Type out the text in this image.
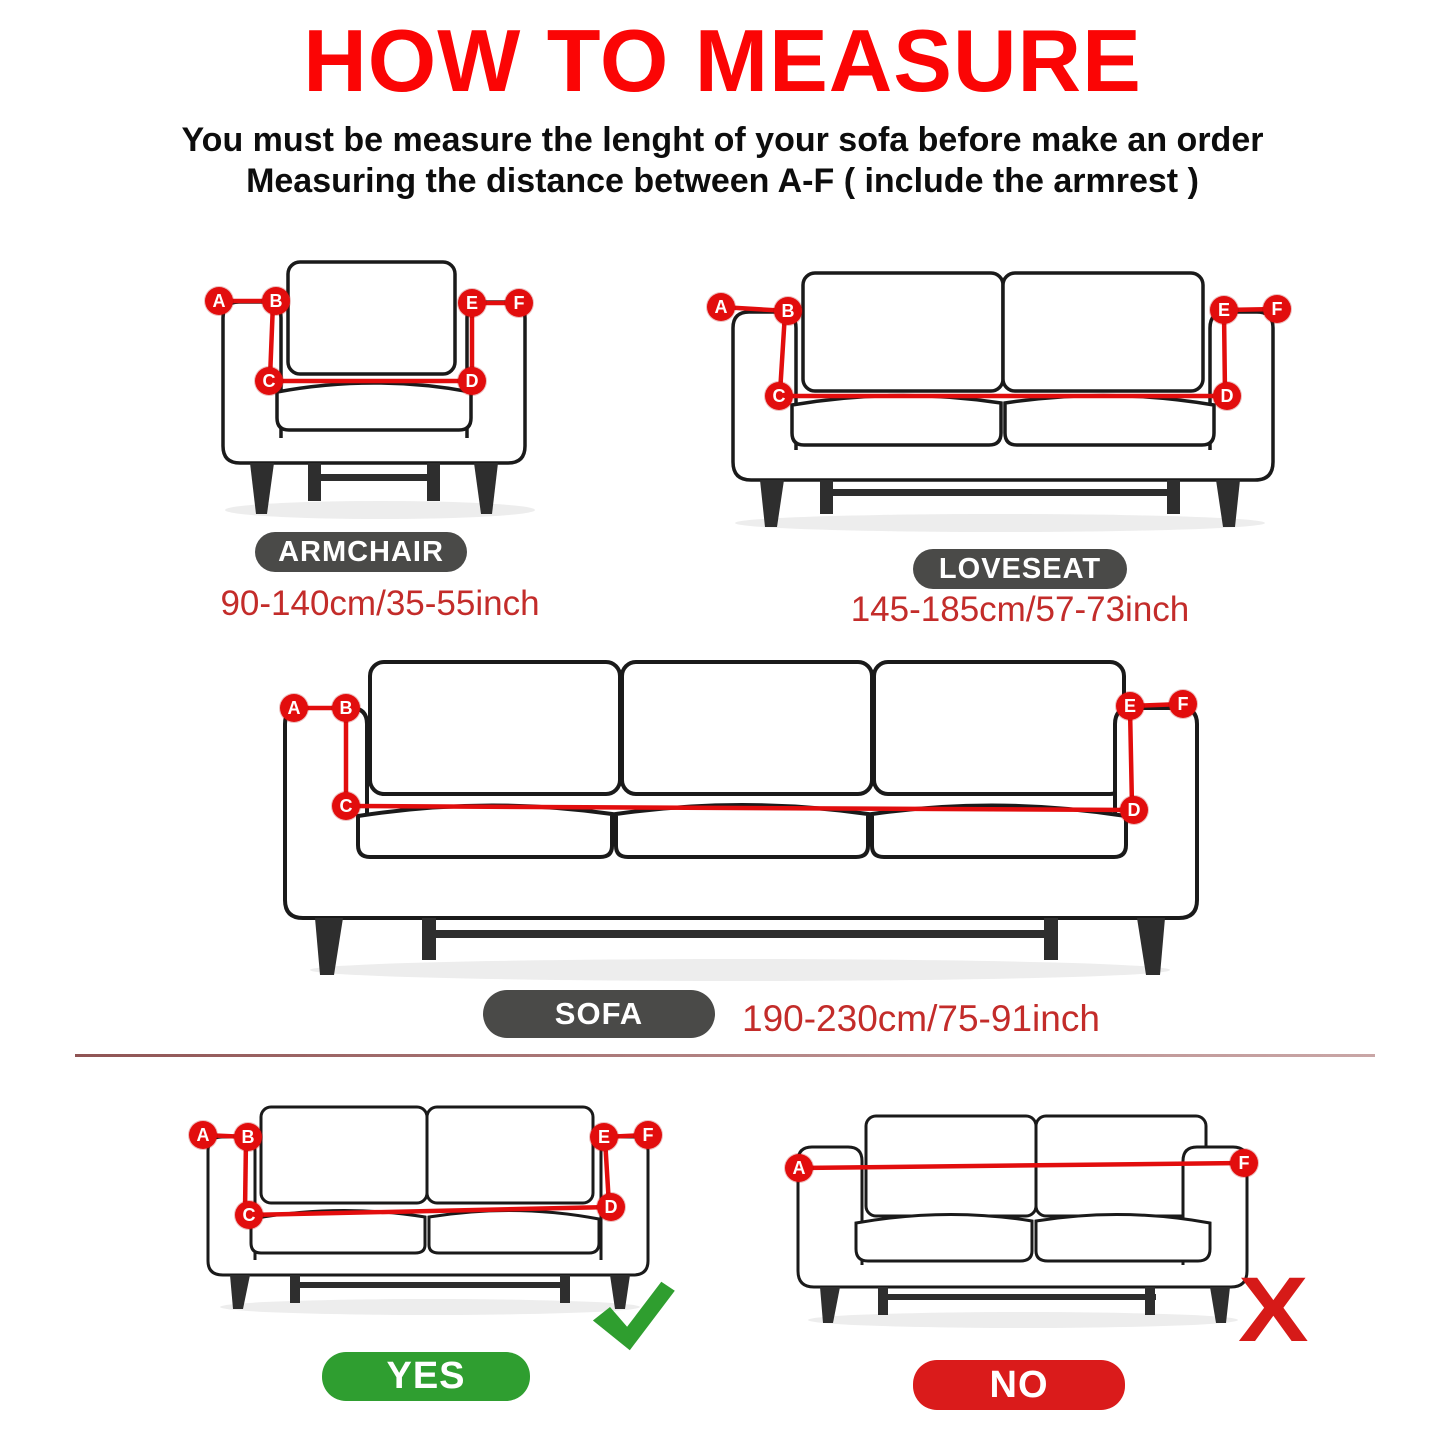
HOW TO MEASURE
You must be measure the lenght of your sofa before make an order
Measuring the distance between A-F ( include the armrest )
A	B
C	D
E	F
ARMCHAIR
90-140cm/35-55inch
A	B
C	D
E	F
LOVESEAT
145-185cm/57-73inch
A	B
C	D
E	F
SOFA	190-230cm/75-91inch
A	B
C	D
E	F
YES
A	F
X
NO
